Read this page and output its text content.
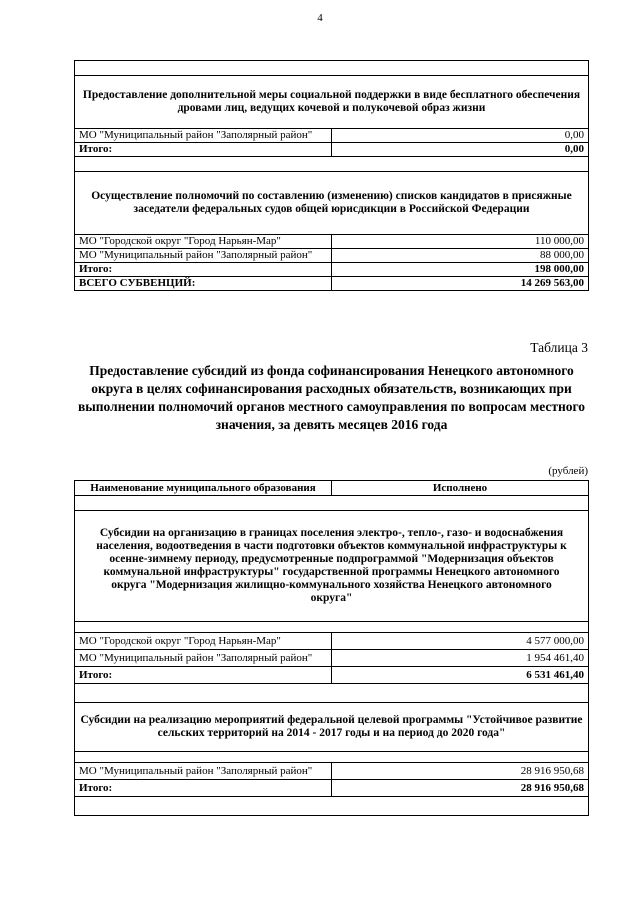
4

Предоставление дополнительной меры социальной поддержки в виде бесплатного обеспечения дровами лиц, ведущих кочевой и полукочевой образ жизни	
МО "Муниципальный район "Заполярный район"	0,00
Итого:	0,00

Осуществление полномочий по составлению (изменению) списков кандидатов в присяжные заседатели федеральных судов общей юрисдикции в Российской Федерации	
МО "Городской округ "Город Нарьян-Мар"	110 000,00
МО "Муниципальный район "Заполярный район"	88 000,00
Итого:	198 000,00
ВСЕГО СУБВЕНЦИЙ:	14 269 563,00
Таблица 3
Предоставление субсидий из фонда софинансирования Ненецкого автономного округа в целях софинансирования расходных обязательств, возникающих при выполнении полномочий органов местного самоуправления по вопросам местного значения, за девять месяцев 2016 года
(рублей)
Наименование муниципального образования	Исполнено

Субсидии на организацию в границах поселения электро-, тепло-, газо- и водоснабжения населения, водоотведения в части подготовки объектов коммунальной инфраструктуры к осенне-зимнему периоду, предусмотренные подпрограммой "Модернизация объектов коммунальной инфраструктуры" государственной программы Ненецкого автономного округа "Модернизация жилищно-коммунального хозяйства Ненецкого автономного округа"	

МО "Городской округ "Город Нарьян-Мар"	4 577 000,00
МО "Муниципальный район "Заполярный район"	1 954 461,40
Итого:	6 531 461,40

Субсидии на реализацию мероприятий федеральной целевой программы "Устойчивое развитие сельских территорий на 2014 - 2017 годы и на период до 2020 года"	

МО "Муниципальный район "Заполярный район"	28 916 950,68
Итого:	28 916 950,68
